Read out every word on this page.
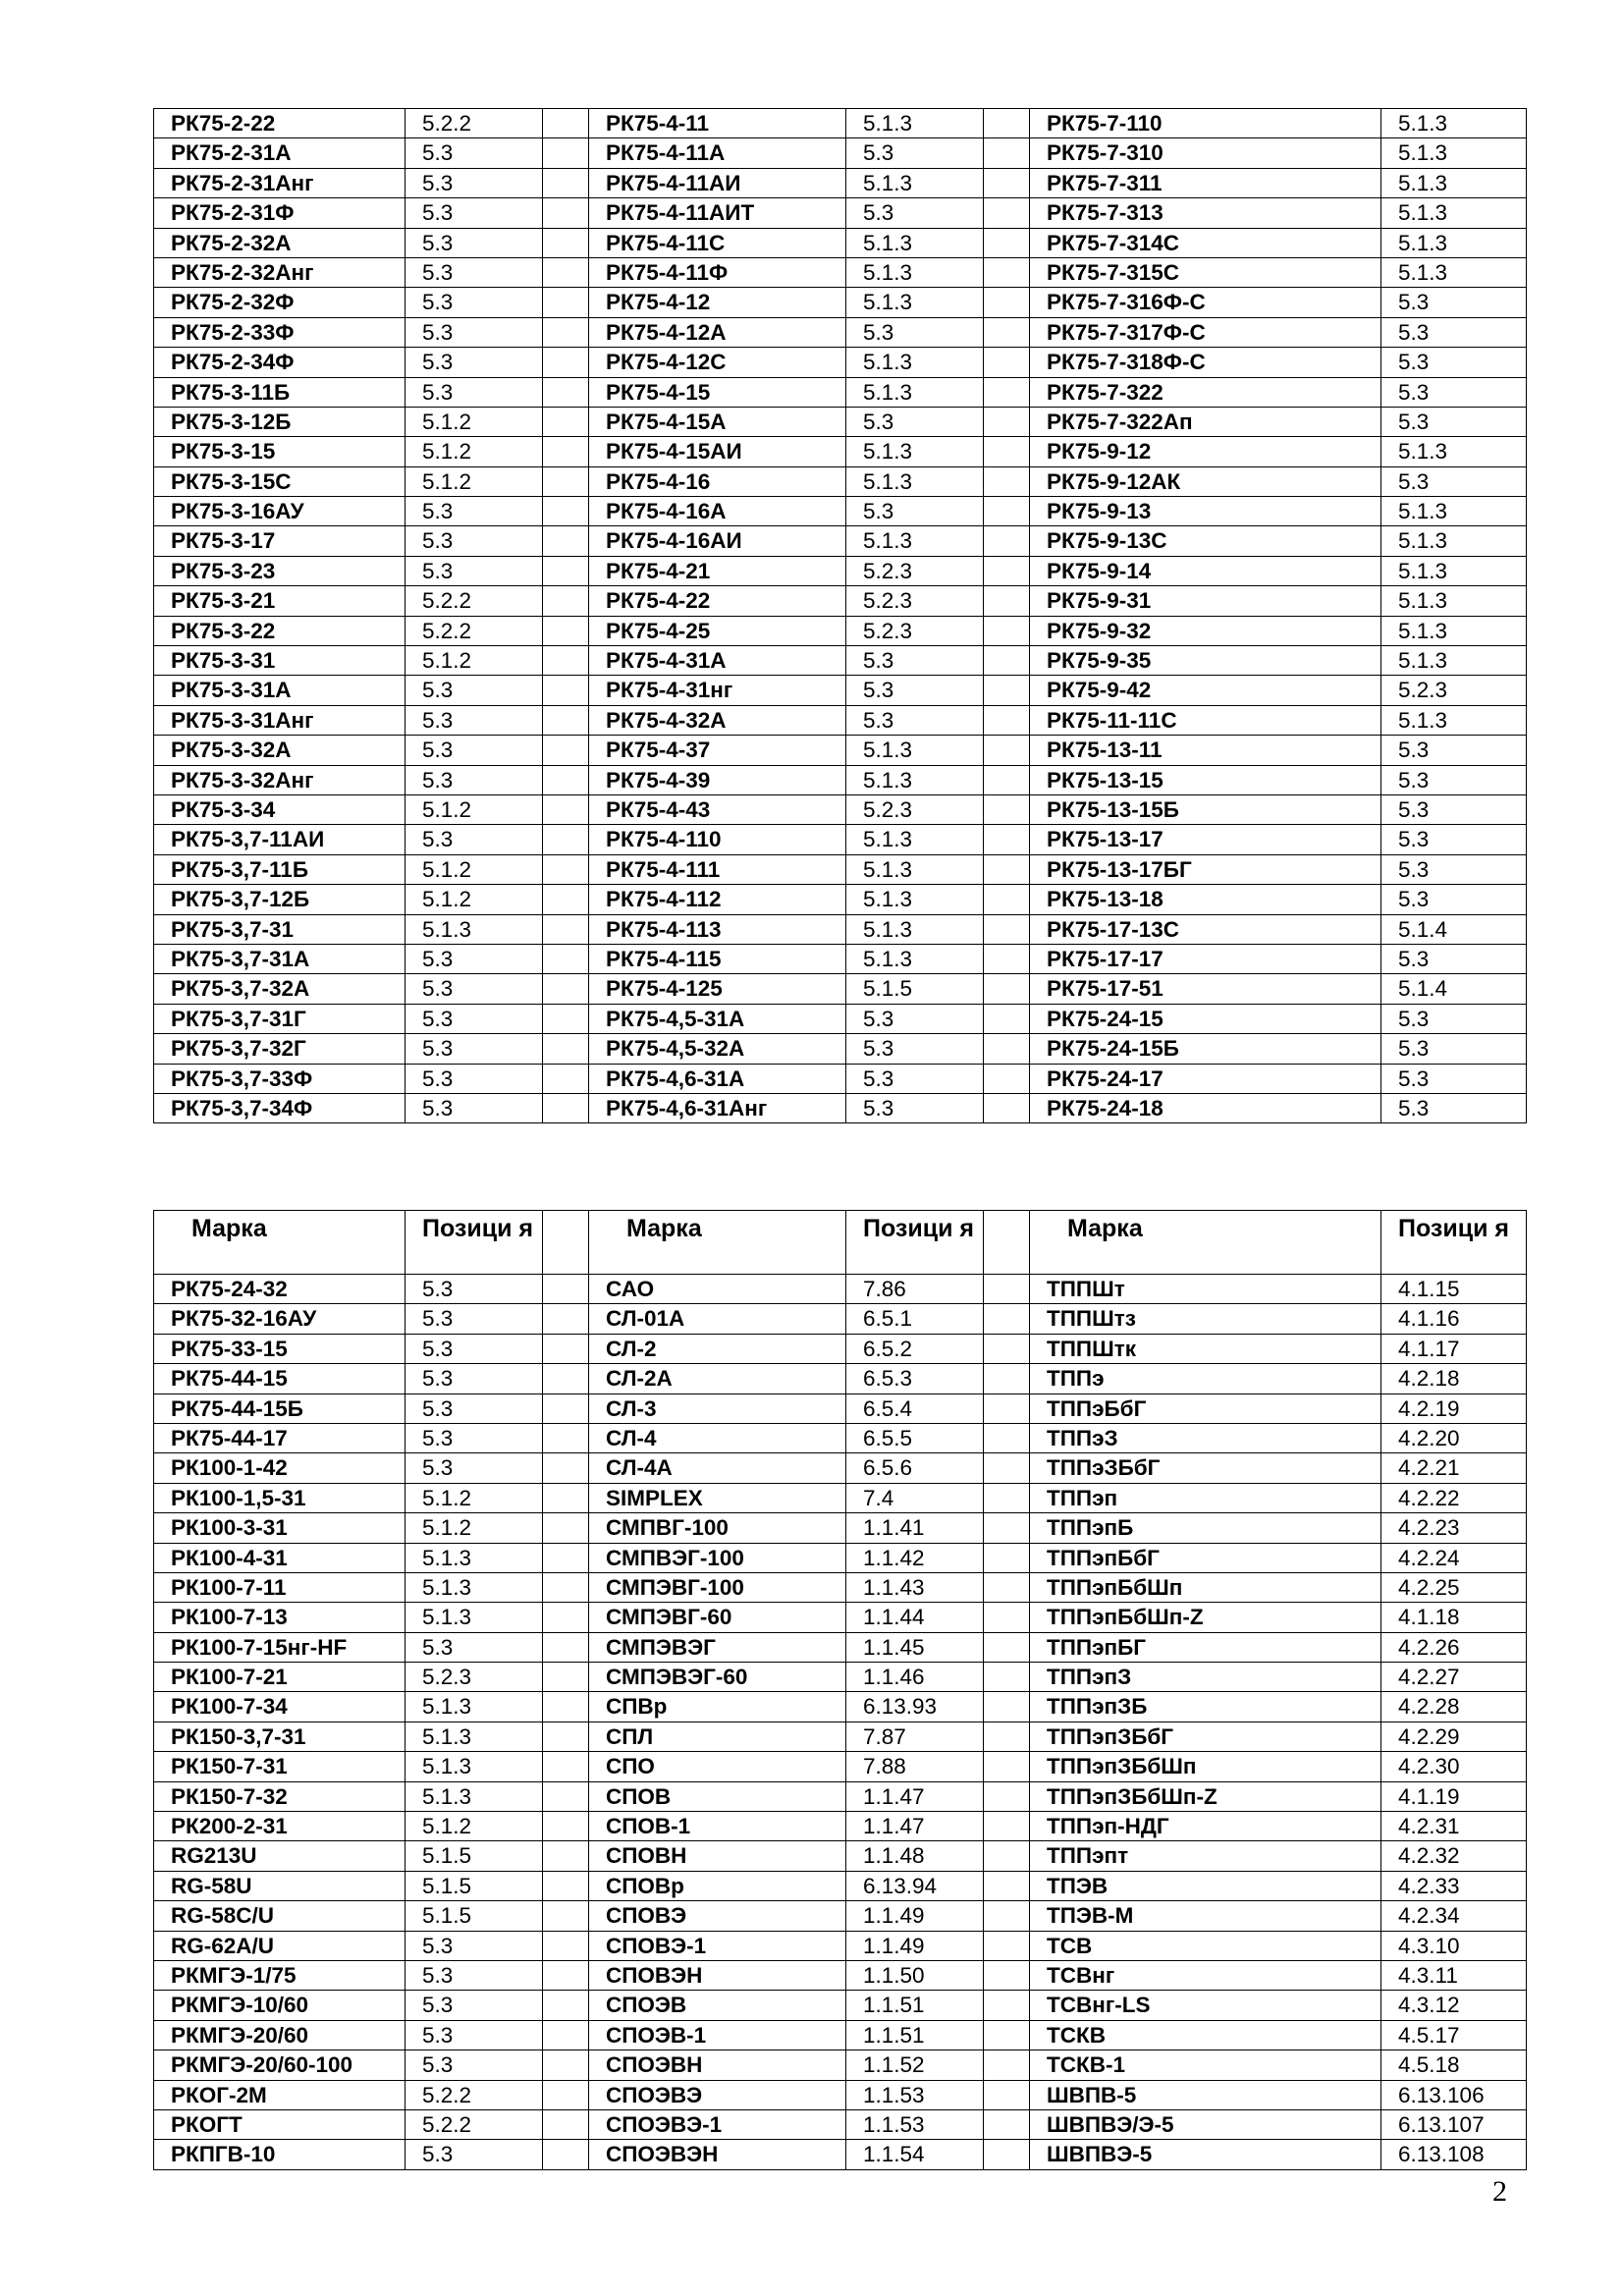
РК75-2-22	5.2.2		РК75-4-11	5.1.3		РК75-7-110	5.1.3
РК75-2-31А	5.3		РК75-4-11А	5.3		РК75-7-310	5.1.3
РК75-2-31Анг	5.3		РК75-4-11АИ	5.1.3		РК75-7-311	5.1.3
РК75-2-31Ф	5.3		РК75-4-11АИТ	5.3		РК75-7-313	5.1.3
РК75-2-32А	5.3		РК75-4-11С	5.1.3		РК75-7-314С	5.1.3
РК75-2-32Анг	5.3		РК75-4-11Ф	5.1.3		РК75-7-315С	5.1.3
РК75-2-32Ф	5.3		РК75-4-12	5.1.3		РК75-7-316Ф-С	5.3
РК75-2-33Ф	5.3		РК75-4-12А	5.3		РК75-7-317Ф-С	5.3
РК75-2-34Ф	5.3		РК75-4-12С	5.1.3		РК75-7-318Ф-С	5.3
РК75-3-11Б	5.3		РК75-4-15	5.1.3		РК75-7-322	5.3
РК75-3-12Б	5.1.2		РК75-4-15А	5.3		РК75-7-322Ап	5.3
РК75-3-15	5.1.2		РК75-4-15АИ	5.1.3		РК75-9-12	5.1.3
РК75-3-15С	5.1.2		РК75-4-16	5.1.3		РК75-9-12АК	5.3
РК75-3-16АУ	5.3		РК75-4-16А	5.3		РК75-9-13	5.1.3
РК75-3-17	5.3		РК75-4-16АИ	5.1.3		РК75-9-13С	5.1.3
РК75-3-23	5.3		РК75-4-21	5.2.3		РК75-9-14	5.1.3
РК75-3-21	5.2.2		РК75-4-22	5.2.3		РК75-9-31	5.1.3
РК75-3-22	5.2.2		РК75-4-25	5.2.3		РК75-9-32	5.1.3
РК75-3-31	5.1.2		РК75-4-31А	5.3		РК75-9-35	5.1.3
РК75-3-31А	5.3		РК75-4-31нг	5.3		РК75-9-42	5.2.3
РК75-3-31Анг	5.3		РК75-4-32А	5.3		РК75-11-11С	5.1.3
РК75-3-32А	5.3		РК75-4-37	5.1.3		РК75-13-11	5.3
РК75-3-32Анг	5.3		РК75-4-39	5.1.3		РК75-13-15	5.3
РК75-3-34	5.1.2		РК75-4-43	5.2.3		РК75-13-15Б	5.3
РК75-3,7-11АИ	5.3		РК75-4-110	5.1.3		РК75-13-17	5.3
РК75-3,7-11Б	5.1.2		РК75-4-111	5.1.3		РК75-13-17БГ	5.3
РК75-3,7-12Б	5.1.2		РК75-4-112	5.1.3		РК75-13-18	5.3
РК75-3,7-31	5.1.3		РК75-4-113	5.1.3		РК75-17-13С	5.1.4
РК75-3,7-31А	5.3		РК75-4-115	5.1.3		РК75-17-17	5.3
РК75-3,7-32А	5.3		РК75-4-125	5.1.5		РК75-17-51	5.1.4
РК75-3,7-31Г	5.3		РК75-4,5-31А	5.3		РК75-24-15	5.3
РК75-3,7-32Г	5.3		РК75-4,5-32А	5.3		РК75-24-15Б	5.3
РК75-3,7-33Ф	5.3		РК75-4,6-31А	5.3		РК75-24-17	5.3
РК75-3,7-34Ф	5.3		РК75-4,6-31Анг	5.3		РК75-24-18	5.3
Марка	Позици я		Марка	Позици я		Марка	Позици я
РК75-24-32	5.3		САО	7.86		ТППШт	4.1.15
РК75-32-16АУ	5.3		СЛ-01А	6.5.1		ТППШтз	4.1.16
РК75-33-15	5.3		СЛ-2	6.5.2		ТППШтк	4.1.17
РК75-44-15	5.3		СЛ-2А	6.5.3		ТППэ	4.2.18
РК75-44-15Б	5.3		СЛ-3	6.5.4		ТППэБбГ	4.2.19
РК75-44-17	5.3		СЛ-4	6.5.5		ТППэЗ	4.2.20
РК100-1-42	5.3		СЛ-4А	6.5.6		ТППэЗБбГ	4.2.21
РК100-1,5-31	5.1.2		SIMPLEX	7.4		ТППэп	4.2.22
РК100-3-31	5.1.2		СМПВГ-100	1.1.41		ТППэпБ	4.2.23
РК100-4-31	5.1.3		СМПВЭГ-100	1.1.42		ТППэпБбГ	4.2.24
РК100-7-11	5.1.3		СМПЭВГ-100	1.1.43		ТППэпБбШп	4.2.25
РК100-7-13	5.1.3		СМПЭВГ-60	1.1.44		ТППэпБбШп-Z	4.1.18
РК100-7-15нг-HF	5.3		СМПЭВЭГ	1.1.45		ТППэпБГ	4.2.26
РК100-7-21	5.2.3		СМПЭВЭГ-60	1.1.46		ТППэпЗ	4.2.27
РК100-7-34	5.1.3		СПВр	6.13.93		ТППэпЗБ	4.2.28
РК150-3,7-31	5.1.3		СПЛ	7.87		ТППэпЗБбГ	4.2.29
РК150-7-31	5.1.3		СПО	7.88		ТППэпЗБбШп	4.2.30
РК150-7-32	5.1.3		СПОВ	1.1.47		ТППэпЗБбШп-Z	4.1.19
РК200-2-31	5.1.2		СПОВ-1	1.1.47		ТППэп-НДГ	4.2.31
RG213U	5.1.5		СПОВН	1.1.48		ТППэпт	4.2.32
RG-58U	5.1.5		СПОВр	6.13.94		ТПЭВ	4.2.33
RG-58C/U	5.1.5		СПОВЭ	1.1.49		ТПЭВ-М	4.2.34
RG-62A/U	5.3		СПОВЭ-1	1.1.49		ТСВ	4.3.10
РКМГЭ-1/75	5.3		СПОВЭН	1.1.50		ТСВнг	4.3.11
РКМГЭ-10/60	5.3		СПОЭВ	1.1.51		ТСВнг-LS	4.3.12
РКМГЭ-20/60	5.3		СПОЭВ-1	1.1.51		ТСКВ	4.5.17
РКМГЭ-20/60-100	5.3		СПОЭВН	1.1.52		ТСКВ-1	4.5.18
РКОГ-2М	5.2.2		СПОЭВЭ	1.1.53		ШВПВ-5	6.13.106
РКОГТ	5.2.2		СПОЭВЭ-1	1.1.53		ШВПВЭ/Э-5	6.13.107
РКПГВ-10	5.3		СПОЭВЭН	1.1.54		ШВПВЭ-5	6.13.108
2
